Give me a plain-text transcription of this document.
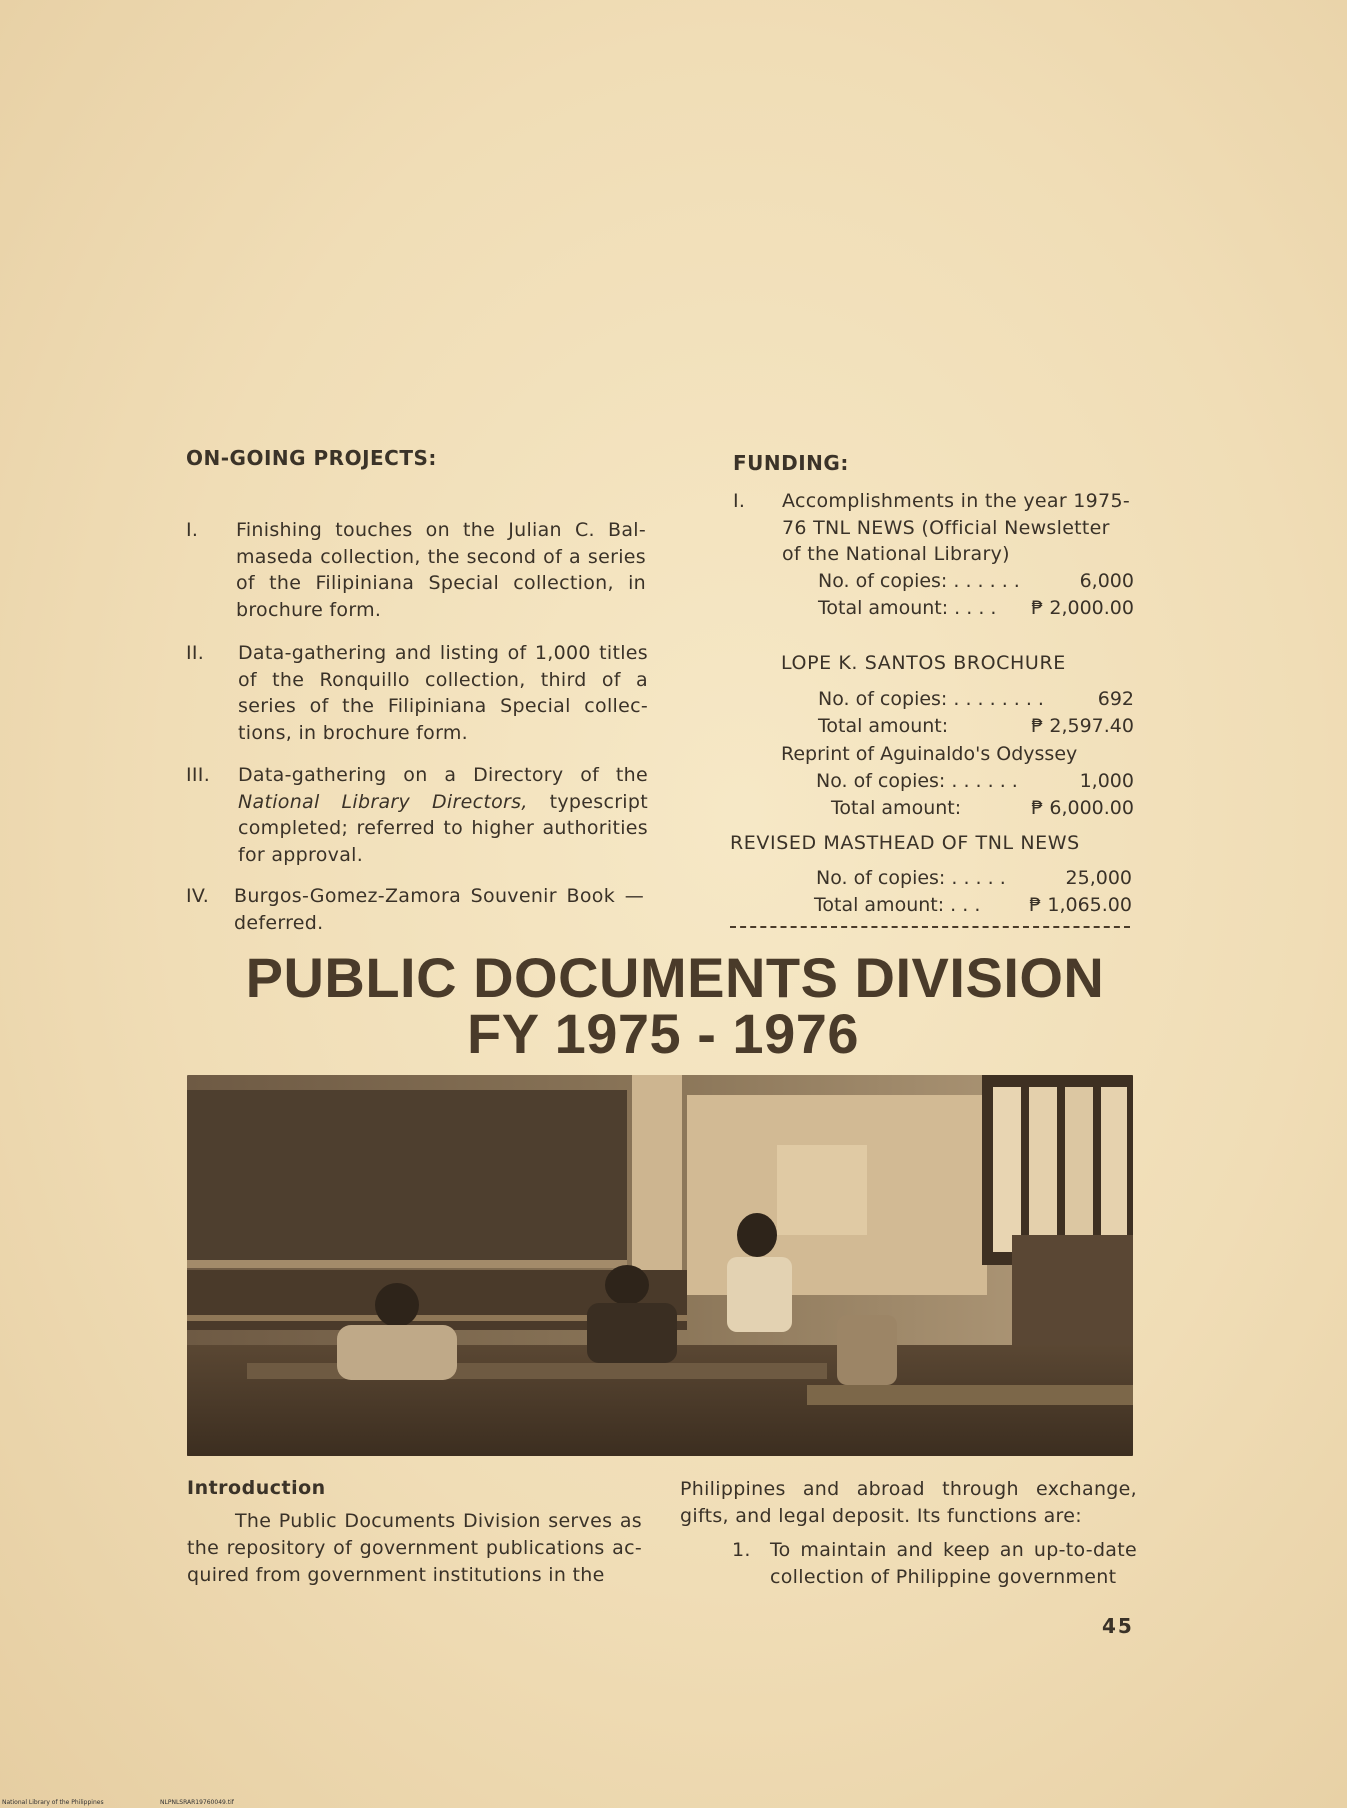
ON-GOING PROJECTS:
I. Finishing touches on the Julian C. Bal-maseda collection, the second of a series of the Filipiniana Special collection, in brochure form.
II. Data-gathering and listing of 1,000 titles of the Ronquillo collection, third of a series of the Filipiniana Special collec-tions, in brochure form.
III. Data-gathering on a Directory of the National Library Directors, typescript completed; referred to higher authorities for approval.
IV. Burgos-Gomez-Zamora Souvenir Book — deferred.
FUNDING:
I. Accomplishments in the year 1975-76 TNL NEWS (Official Newsletter of the National Library)
No. of copies: . . . . . .	6,000
Total amount: . . . . ₱ 2,000.00
LOPE K. SANTOS BROCHURE
No. of copies: . . . . . . . .	692
Total amount:	₱ 2,597.40
Reprint of Aguinaldo's Odyssey
No. of copies: . . . . . .	1,000
Total amount:	₱ 6,000.00
REVISED MASTHEAD OF TNL NEWS
No. of copies: . . . . .	25,000
Total amount: . . .	₱ 1,065.00
PUBLIC DOCUMENTS DIVISION
FY 1975 - 1976
Introduction
The Public Documents Division serves as the repository of government publications ac-quired from government institutions in the
Philippines and abroad through exchange, gifts, and legal deposit. Its functions are:
1. To maintain and keep an up-to-date collection of Philippine government
45
National Library of the Philippines	NLPNLSRAR19760049.tif
